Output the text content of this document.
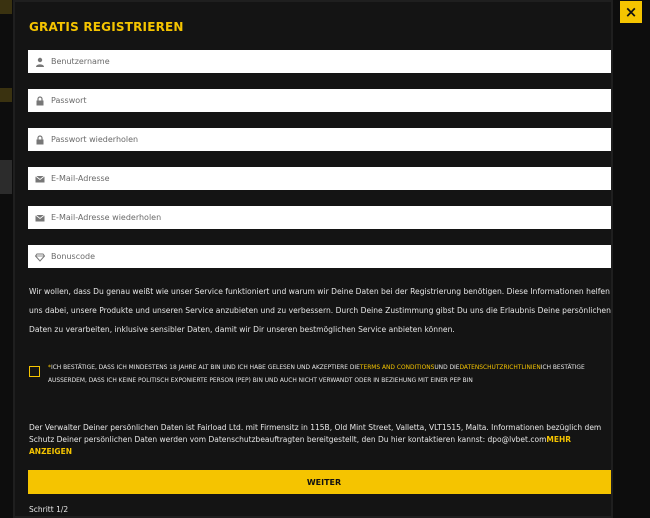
GRATIS REGISTRIEREN
Benutzername
E-Mail-Adresse
E-Mail-Adresse wiederholen
Bonuscode
Wir wollen, dass Du genau weißt wie unser Service funktioniert und warum wir Deine Daten bei der Registrierung benötigen. Diese Informationen helfen uns dabei, unsere Produkte und unseren Service anzubieten und zu verbessern. Durch Deine Zustimmung gibst Du uns die Erlaubnis Deine persönlichen Daten zu verarbeiten, inklusive sensibler Daten, damit wir Dir unseren bestmöglichen Service anbieten können.
*ICH BESTÄTIGE, DASS ICH MINDESTENS 18 JAHRE ALT BIN UND ICH HABE GELESEN UND AKZEPTIERE DIETERMS AND CONDITIONSUND DIEDATENSCHUTZRICHTLINIENICH BESTÄTIGE AUSSERDEM, DASS ICH KEINE POLITISCH EXPONIERTE PERSON (PEP) BIN UND AUCH NICHT VERWANDT ODER IN BEZIEHUNG MIT EINER PEP BIN
Der Verwalter Deiner persönlichen Daten ist Fairload Ltd. mit Firmensitz in 115B, Old Mint Street, Valletta, VLT1515, Malta. Informationen bezüglich dem Schutz Deiner persönlichen Daten werden vom Datenschutzbeauftragten bereitgestellt, den Du hier kontaktieren kannst: dpo@lvbet.comMEHR ANZEIGEN
WEITER
Schritt 1/2
×
